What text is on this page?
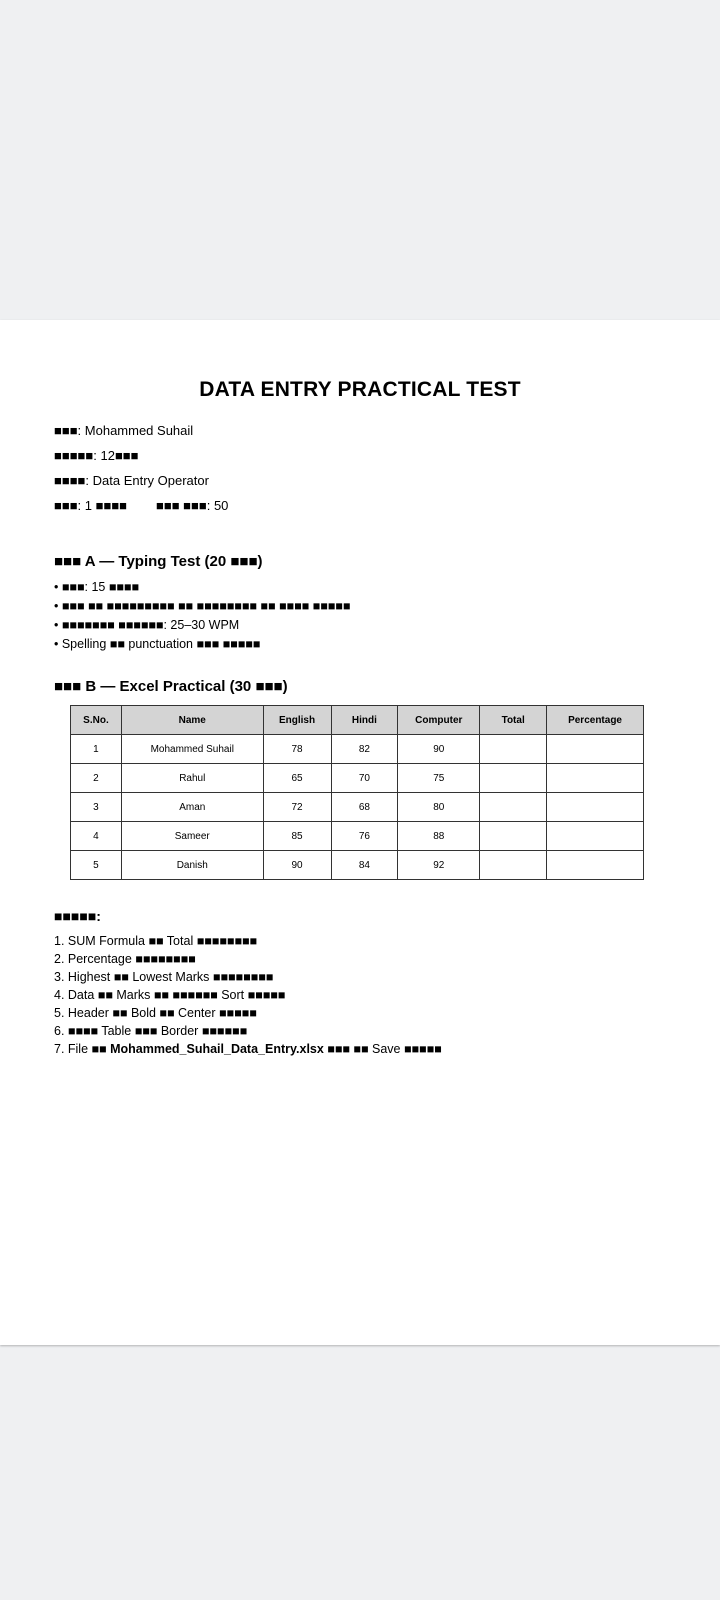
DATA ENTRY PRACTICAL TEST
■■■: Mohammed Suhail
■■■■■: 12■■■
■■■■: Data Entry Operator
■■■: 1 ■■■■ ■■■ ■■■: 50
■■■ A — Typing Test (20 ■■■)
• ■■■: 15 ■■■■
• ■■■ ■■ ■■■■■■■■■ ■■ ■■■■■■■■ ■■ ■■■■ ■■■■■
• ■■■■■■■ ■■■■■■: 25–30 WPM
• Spelling ■■ punctuation ■■■ ■■■■■
■■■ B — Excel Practical (30 ■■■)
S.No.	Name	English	Hindi	Computer	Total	Percentage
1	Mohammed Suhail	78	82	90		
2	Rahul	65	70	75		
3	Aman	72	68	80		
4	Sameer	85	76	88		
5	Danish	90	84	92		
■■■■■:
1. SUM Formula ■■ Total ■■■■■■■■
2. Percentage ■■■■■■■■
3. Highest ■■ Lowest Marks ■■■■■■■■
4. Data ■■ Marks ■■ ■■■■■■ Sort ■■■■■
5. Header ■■ Bold ■■ Center ■■■■■
6. ■■■■ Table ■■■ Border ■■■■■■
7. File ■■ Mohammed_Suhail_Data_Entry.xlsx ■■■ ■■ Save ■■■■■
